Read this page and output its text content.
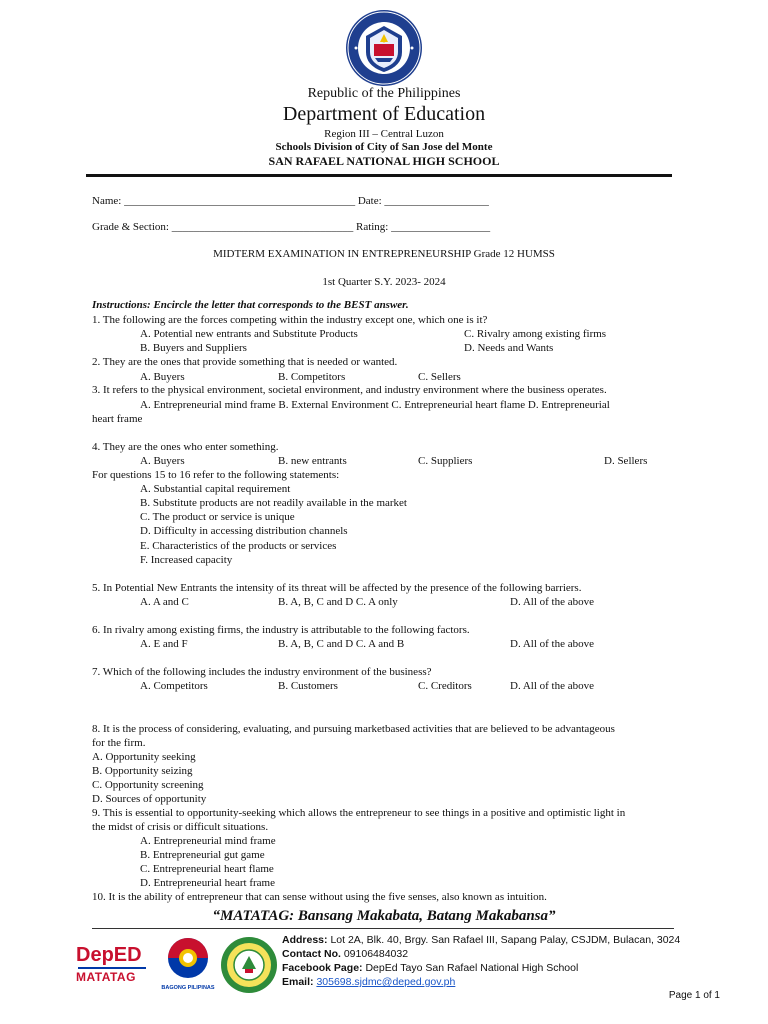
Republic of the Philippines
Department of Education
Region III – Central Luzon
Schools Division of City of San Jose del Monte
SAN RAFAEL NATIONAL HIGH SCHOOL
Name: __________________________________________ Date: ___________________
Grade & Section: _________________________________ Rating: __________________
MIDTERM EXAMINATION IN ENTREPRENEURSHIP Grade 12 HUMSS
1st Quarter S.Y. 2023- 2024
Instructions: Encircle the letter that corresponds to the BEST answer.
1. The following are the forces competing within the industry except one, which one is it?
A. Potential new entrants and Substitute Products	C. Rivalry among existing firms
B. Buyers and Suppliers	D. Needs and Wants
2. They are the ones that provide something that is needed or wanted.
A. Buyers	B. Competitors	C. Sellers
3. It refers to the physical environment, societal environment, and industry environment where the business operates.
A. Entrepreneurial mind frame B. External Environment C. Entrepreneurial heart flame D. Entrepreneurial
heart frame
4. They are the ones who enter something.
A. Buyers	B. new entrants	C. Suppliers	D. Sellers
For questions 15 to 16 refer to the following statements:
A. Substantial capital requirement
B. Substitute products are not readily available in the market
C. The product or service is unique
D. Difficulty in accessing distribution channels
E. Characteristics of the products or services
F. Increased capacity
5. In Potential New Entrants the intensity of its threat will be affected by the presence of the following barriers.
A. A and C	B. A, B, C and D C. A only	D. All of the above
6. In rivalry among existing firms, the industry is attributable to the following factors.
A. E and F	B. A, B, C and D C. A and B	D. All of the above
7. Which of the following includes the industry environment of the business?
A. Competitors	B. Customers	C. Creditors	D. All of the above
8. It is the process of considering, evaluating, and pursuing marketbased activities that are believed to be advantageous
for the firm.
A. Opportunity seeking
B. Opportunity seizing
C. Opportunity screening
D. Sources of opportunity
9. This is essential to opportunity-seeking which allows the entrepreneur to see things in a positive and optimistic light in
the midst of crisis or difficult situations.
A. Entrepreneurial mind frame
B. Entrepreneurial gut game
C. Entrepreneurial heart flame
D. Entrepreneurial heart frame
10. It is the ability of entrepreneur that can sense without using the five senses, also known as intuition.
“MATATAG: Bansang Makabata, Batang Makabansa”
DepED
MATATAG
BAGONG PILIPINAS
Address: Lot 2A, Blk. 40, Brgy. San Rafael III, Sapang Palay, CSJDM, Bulacan, 3024
Contact No. 09106484032
Facebook Page: DepEd Tayo San Rafael National High School
Email: 305698.sjdmc@deped.gov.ph
Page 1 of 1
